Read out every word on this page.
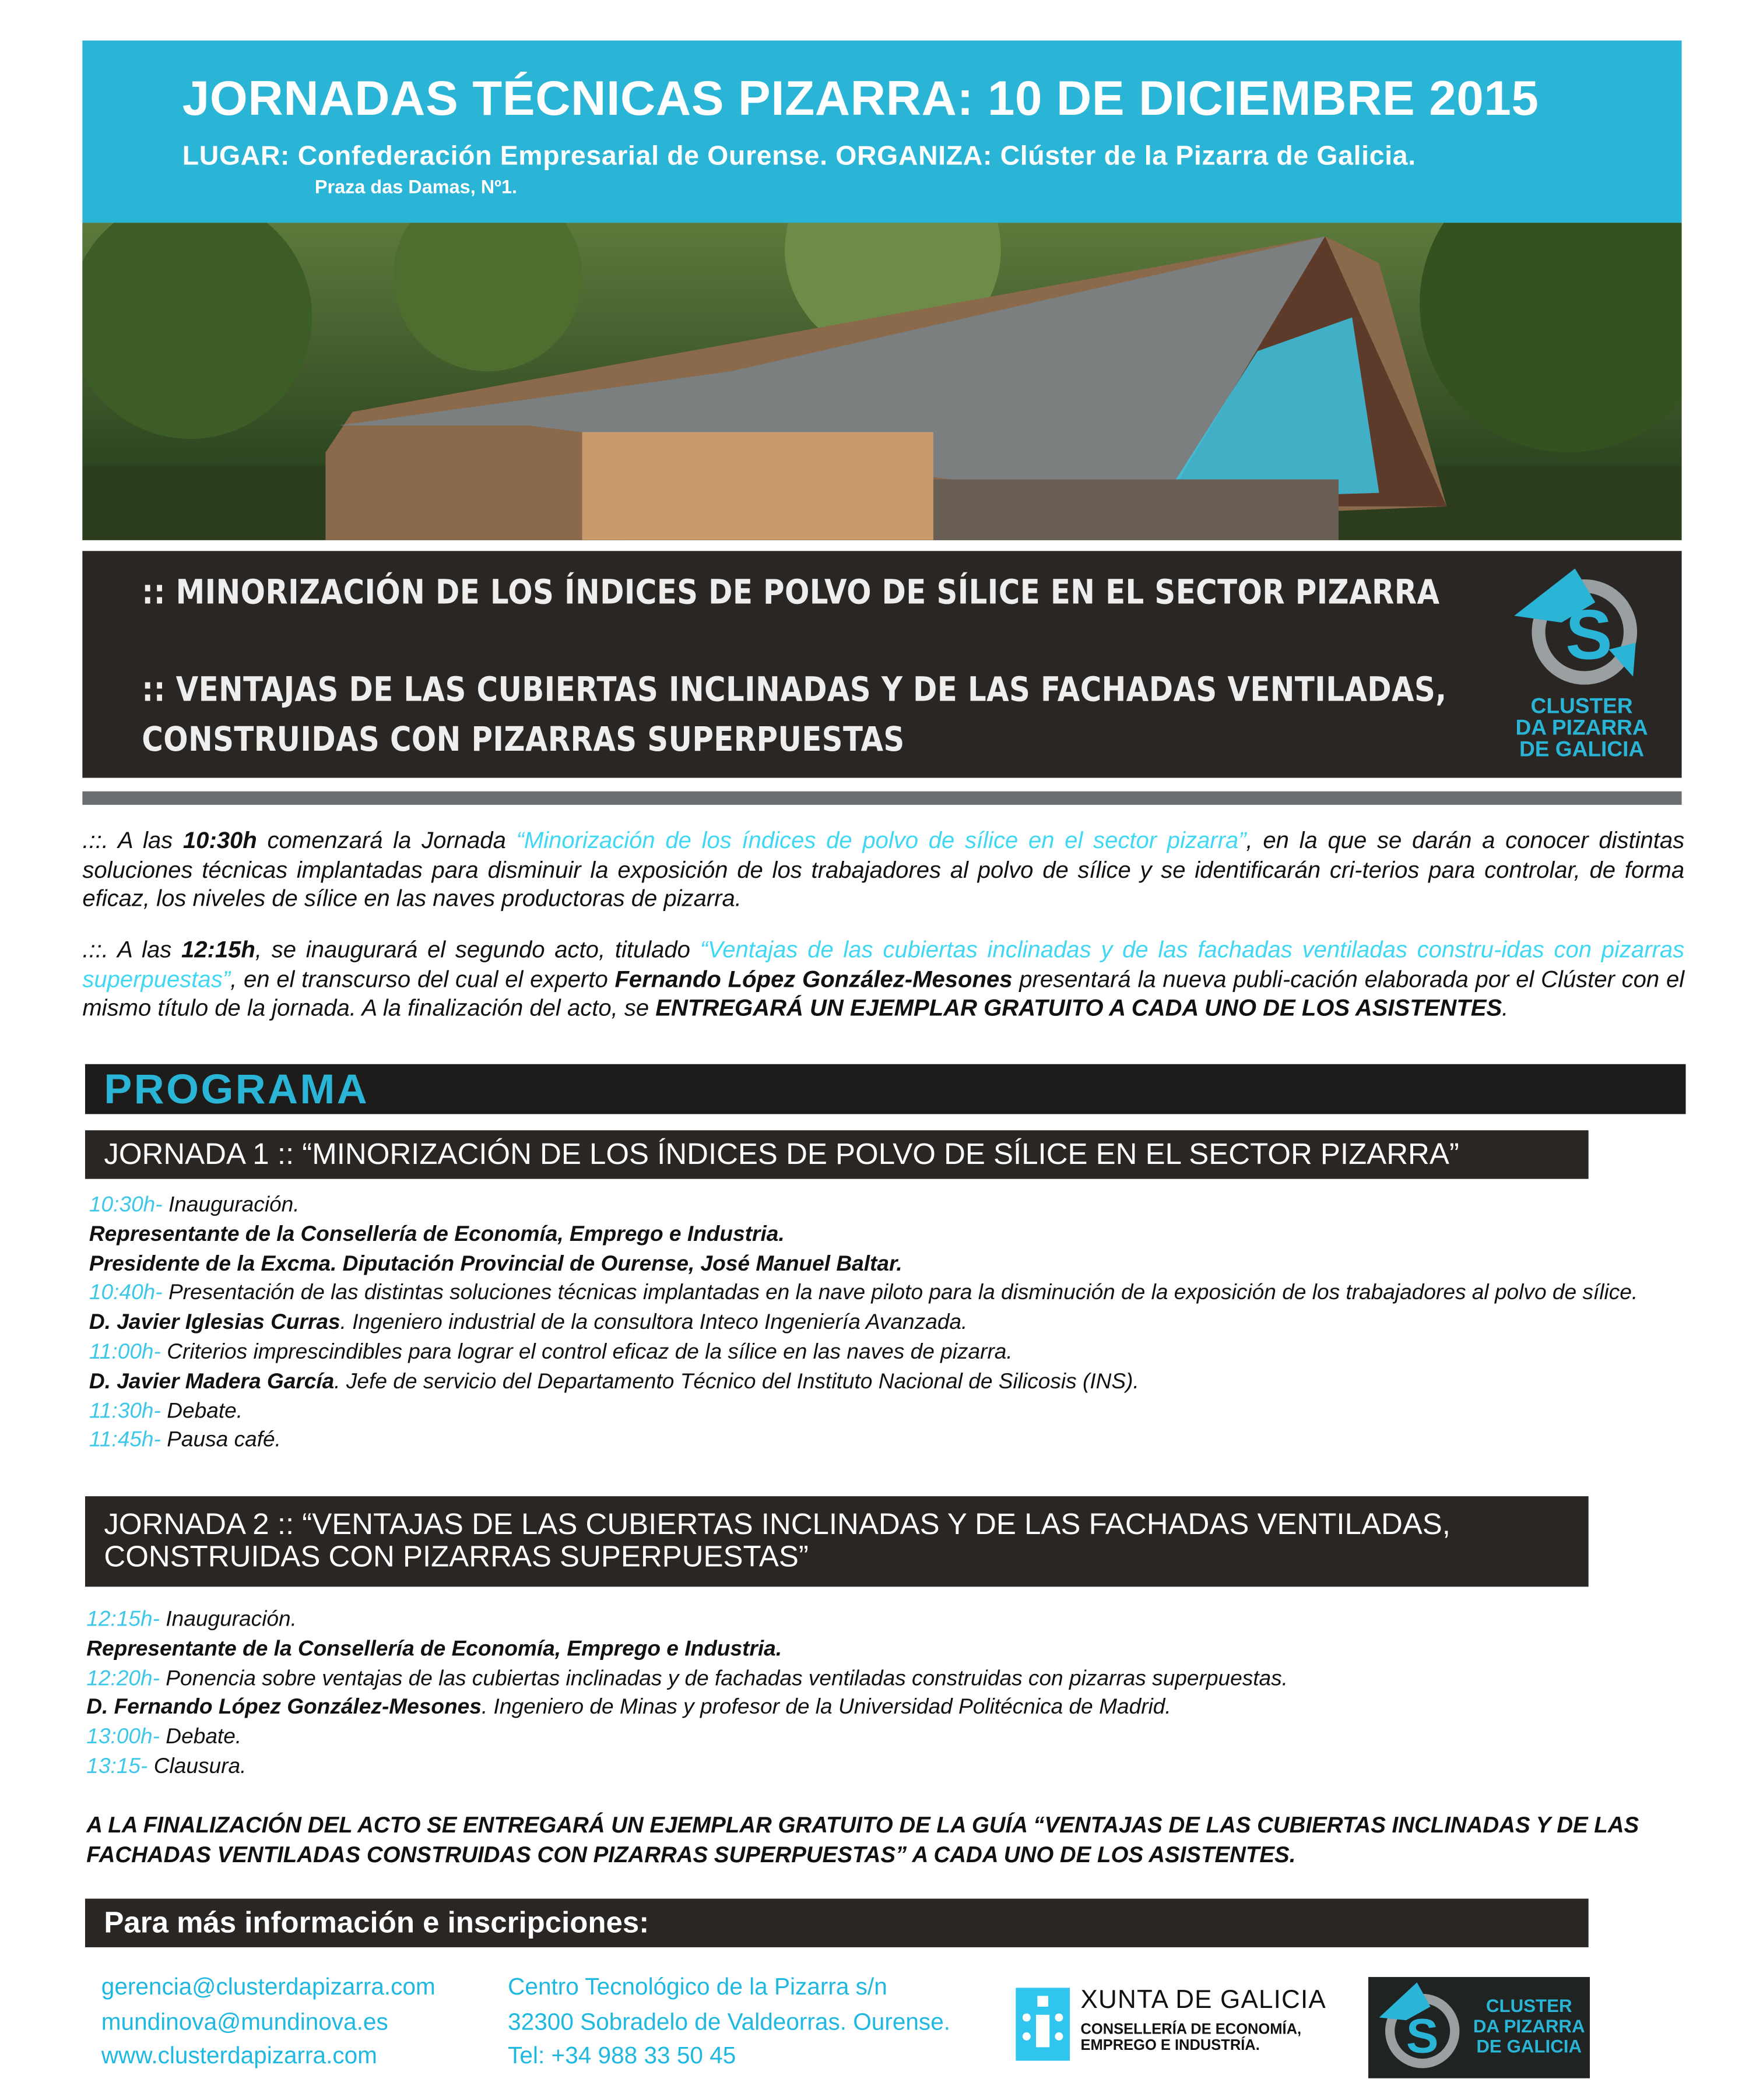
JORNADAS TÉCNICAS PIZARRA: 10 DE DICIEMBRE 2015
LUGAR: Confederación Empresarial de Ourense. ORGANIZA: Clúster de la Pizarra de Galicia.
Praza das Damas, Nº1.
:: MINORIZACIÓN DE LOS ÍNDICES DE POLVO DE SÍLICE EN EL SECTOR PIZARRA
:: VENTAJAS DE LAS CUBIERTAS INCLINADAS Y DE LAS FACHADAS VENTILADAS,
CONSTRUIDAS CON PIZARRAS SUPERPUESTAS
S
CLUSTER
DA PIZARRA
DE GALICIA
.::. A las 10:30h comenzará la Jornada “Minorización de los índices de polvo de sílice en el sector pizarra”, en la que se darán a conocer distintas soluciones técnicas implantadas para disminuir la exposición de los trabajadores al polvo de sílice y se identificarán cri-terios para controlar, de forma eficaz, los niveles de sílice en las naves productoras de pizarra.
.::. A las 12:15h, se inaugurará el segundo acto, titulado “Ventajas de las cubiertas inclinadas y de las fachadas ventiladas constru-idas con pizarras superpuestas”, en el transcurso del cual el experto Fernando López González-Mesones presentará la nueva publi-cación elaborada por el Clúster con el mismo título de la jornada. A la finalización del acto, se ENTREGARÁ UN EJEMPLAR GRATUITO A CADA UNO DE LOS ASISTENTES.
PROGRAMA
JORNADA 1 :: “MINORIZACIÓN DE LOS ÍNDICES DE POLVO DE SÍLICE EN EL SECTOR PIZARRA”
10:30h- Inauguración.
Representante de la Consellería de Economía, Emprego e Industria.
Presidente de la Excma. Diputación Provincial de Ourense, José Manuel Baltar.
10:40h- Presentación de las distintas soluciones técnicas implantadas en la nave piloto para la disminución de la exposición de los trabajadores al polvo de sílice.
D. Javier Iglesias Curras. Ingeniero industrial de la consultora Inteco Ingeniería Avanzada.
11:00h- Criterios imprescindibles para lograr el control eficaz de la sílice en las naves de pizarra.
D. Javier Madera García. Jefe de servicio del Departamento Técnico del Instituto Nacional de Silicosis (INS).
11:30h- Debate.
11:45h- Pausa café.
JORNADA 2 :: “VENTAJAS DE LAS CUBIERTAS INCLINADAS Y DE LAS FACHADAS VENTILADAS,
CONSTRUIDAS CON PIZARRAS SUPERPUESTAS”
12:15h- Inauguración.
Representante de la Consellería de Economía, Emprego e Industria.
12:20h- Ponencia sobre ventajas de las cubiertas inclinadas y de fachadas ventiladas construidas con pizarras superpuestas.
D. Fernando López González-Mesones. Ingeniero de Minas y profesor de la Universidad Politécnica de Madrid.
13:00h- Debate.
13:15- Clausura.
A LA FINALIZACIÓN DEL ACTO SE ENTREGARÁ UN EJEMPLAR GRATUITO DE LA GUÍA “VENTAJAS DE LAS CUBIERTAS INCLINADAS Y DE LAS FACHADAS VENTILADAS CONSTRUIDAS CON PIZARRAS SUPERPUESTAS” A CADA UNO DE LOS ASISTENTES.
Para más información e inscripciones:
gerencia@clusterdapizarra.com
mundinova@mundinova.es
www.clusterdapizarra.com
Centro Tecnológico de la Pizarra s/n
32300 Sobradelo de Valdeorras. Ourense.
Tel: +34 988 33 50 45
XUNTA DE GALICIA
CONSELLERÍA DE ECONOMÍA,
EMPREGO E INDUSTRÍA.	S
CLUSTER
DA PIZARRA
DE GALICIA
